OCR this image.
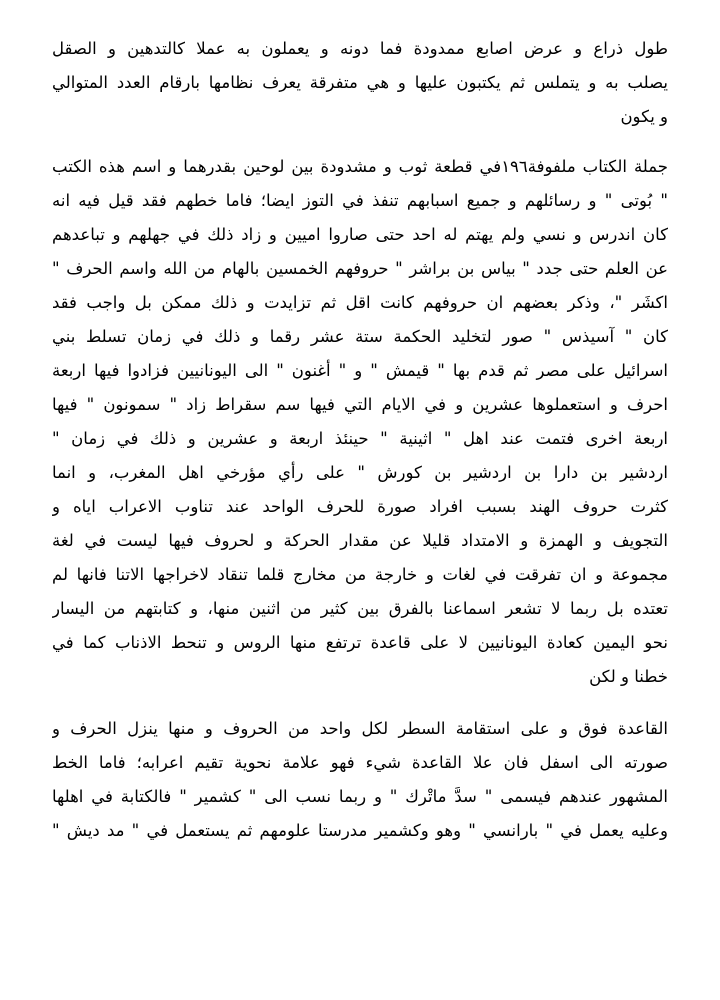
طول ذراع و عرض اصابع ممدودة فما دونه و يعملون به عملا كالتدهين و الصقل
يصلب به و يتملس ثم يكتبون عليها و هي متفرقة يعرف نظامها بارقام العدد المتوالي
و يكون
جملة الكتاب ملفوفة١٩٦في قطعة ثوب و مشدودة بين لوحين بقدرهما و اسم هذه الكتب
" بُوتى " و رسائلهم و جميع اسبابهم تنفذ في التوز ايضا؛ فاما خطهم فقد قيل فيه انه
كان اندرس و نسي ولم يهتم له احد حتى صاروا اميين و زاد ذلك في جهلهم و تباعدهم
عن العلم حتى جدد " بياس بن براشر " حروفهم الخمسين بالهام من الله واسم الحرف "
اكشَر "، وذكر بعضهم ان حروفهم كانت اقل ثم تزايدت و ذلك ممكن بل واجب فقد
كان " آسيذس " صور لتخليد الحكمة ستة عشر رقما و ذلك في زمان تسلط بني
اسرائيل على مصر ثم قدم بها " قيمش " و " أغنون " الى اليونانيين فزادوا فيها اربعة
احرف و استعملوها عشرين و في الايام التي فيها سم سقراط زاد " سمونون " فيها
اربعة اخرى فتمت عند اهل " اثينية " حينئذ اربعة و عشرين و ذلك في زمان "
اردشير بن دارا بن اردشير بن كورش " على رأي مؤرخي اهل المغرب، و انما
كثرت حروف الهند بسبب افراد صورة للحرف الواحد عند تناوب الاعراب اياه و
التجويف و الهمزة و الامتداد قليلا عن مقدار الحركة و لحروف فيها ليست في لغة
مجموعة و ان تفرقت في لغات و خارجة من مخارج قلما تنقاد لاخراجها الاتنا فانها لم
تعتده بل ربما لا تشعر اسماعنا بالفرق بين كثير من اثنين منها، و كتابتهم من اليسار
نحو اليمين كعادة اليونانيين لا على قاعدة ترتفع منها الروس و تنحط الاذناب كما في
خطنا و لكن
القاعدة فوق و على استقامة السطر لكل واحد من الحروف و منها ينزل الحرف و
صورته الى اسفل فان علا القاعدة شيء فهو علامة نحوية تقيم اعرابه؛ فاما الخط
المشهور عندهم فيسمى " سدَّ ماتْرك " و ربما نسب الى " كشمير " فالكتابة في اهلها
وعليه يعمل في " بارانسي " وهو وكشمير مدرستا علومهم ثم يستعمل في " مد ديش "
